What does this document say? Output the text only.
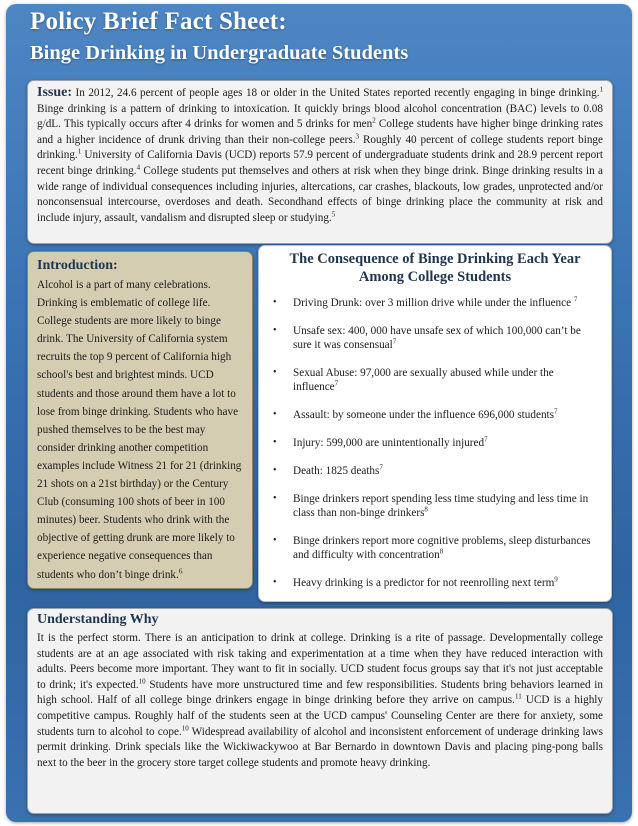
Policy Brief Fact Sheet:
Binge Drinking in Undergraduate Students
Issue: In 2012, 24.6 percent of people ages 18 or older in the United States reported recently engaging in binge drinking.$^1$ Binge drinking is a pattern of drinking to intoxication. It quickly brings blood alcohol concentration (BAC) levels to 0.08 g/dL. This typically occurs after 4 drinks for women and 5 drinks for men$^2$ College students have higher binge drinking rates and a higher incidence of drunk driving than their non-college peers.$^3$ Roughly 40 percent of college students report binge drinking.$^1$ University of California Davis (UCD) reports 57.9 percent of undergraduate students drink and 28.9 percent report recent binge drinking.$^4$ College students put themselves and others at risk when they binge drink. Binge drinking results in a wide range of individual consequences including injuries, altercations, car crashes, blackouts, low grades, unprotected and/or nonconsensual intercourse, overdoses and death. Secondhand effects of binge drinking place the community at risk and include injury, assault, vandalism and disrupted sleep or studying.$^5$
Introduction:
Alcohol is a part of many celebrations. Drinking is emblematic of college life. College students are more likely to binge drink. The University of California system recruits the top 9 percent of California high school's best and brightest minds. UCD students and those around them have a lot to lose from binge drinking. Students who have pushed themselves to be the best may consider drinking another competition examples include Witness 21 for 21 (drinking 21 shots on a 21st birthday) or the Century Club (consuming 100 shots of beer in 100 minutes) beer. Students who drink with the objective of getting drunk are more likely to experience negative consequences than students who don’t binge drink.$^6$
The Consequence of Binge Drinking Each Year Among College Students
• Driving Drunk: over 3 million drive while under the influence $^7$
• Unsafe sex: 400, 000 have unsafe sex of which 100,000 can’t be sure it was consensual$^7$
• Sexual Abuse: 97,000 are sexually abused while under the influence$^7$
• Assault: by someone under the influence 696,000 students$^7$
• Injury: 599,000 are unintentionally injured$^7$
• Death: 1825 deaths$^7$
• Binge drinkers report spending less time studying and less time in class than non-binge drinkers$^8$
• Binge drinkers report more cognitive problems, sleep disturbances and difficulty with concentration$^8$
• Heavy drinking is a predictor for not reenrolling next term$^9$
Understanding Why
It is the perfect storm. There is an anticipation to drink at college. Drinking is a rite of passage. Developmentally college students are at an age associated with risk taking and experimentation at a time when they have reduced interaction with adults. Peers become more important. They want to fit in socially. UCD student focus groups say that it's not just acceptable to drink; it's expected.$^{10}$ Students have more unstructured time and few responsibilities. Students bring behaviors learned in high school. Half of all college binge drinkers engage in binge drinking before they arrive on campus.$^{11}$ UCD is a highly competitive campus. Roughly half of the students seen at the UCD campus' Counseling Center are there for anxiety, some students turn to alcohol to cope.$^{10}$ Widespread availability of alcohol and inconsistent enforcement of underage drinking laws permit drinking. Drink specials like the Wickiwackywoo at Bar Bernardo in downtown Davis and placing ping-pong balls next to the beer in the grocery store target college students and promote heavy drinking.
